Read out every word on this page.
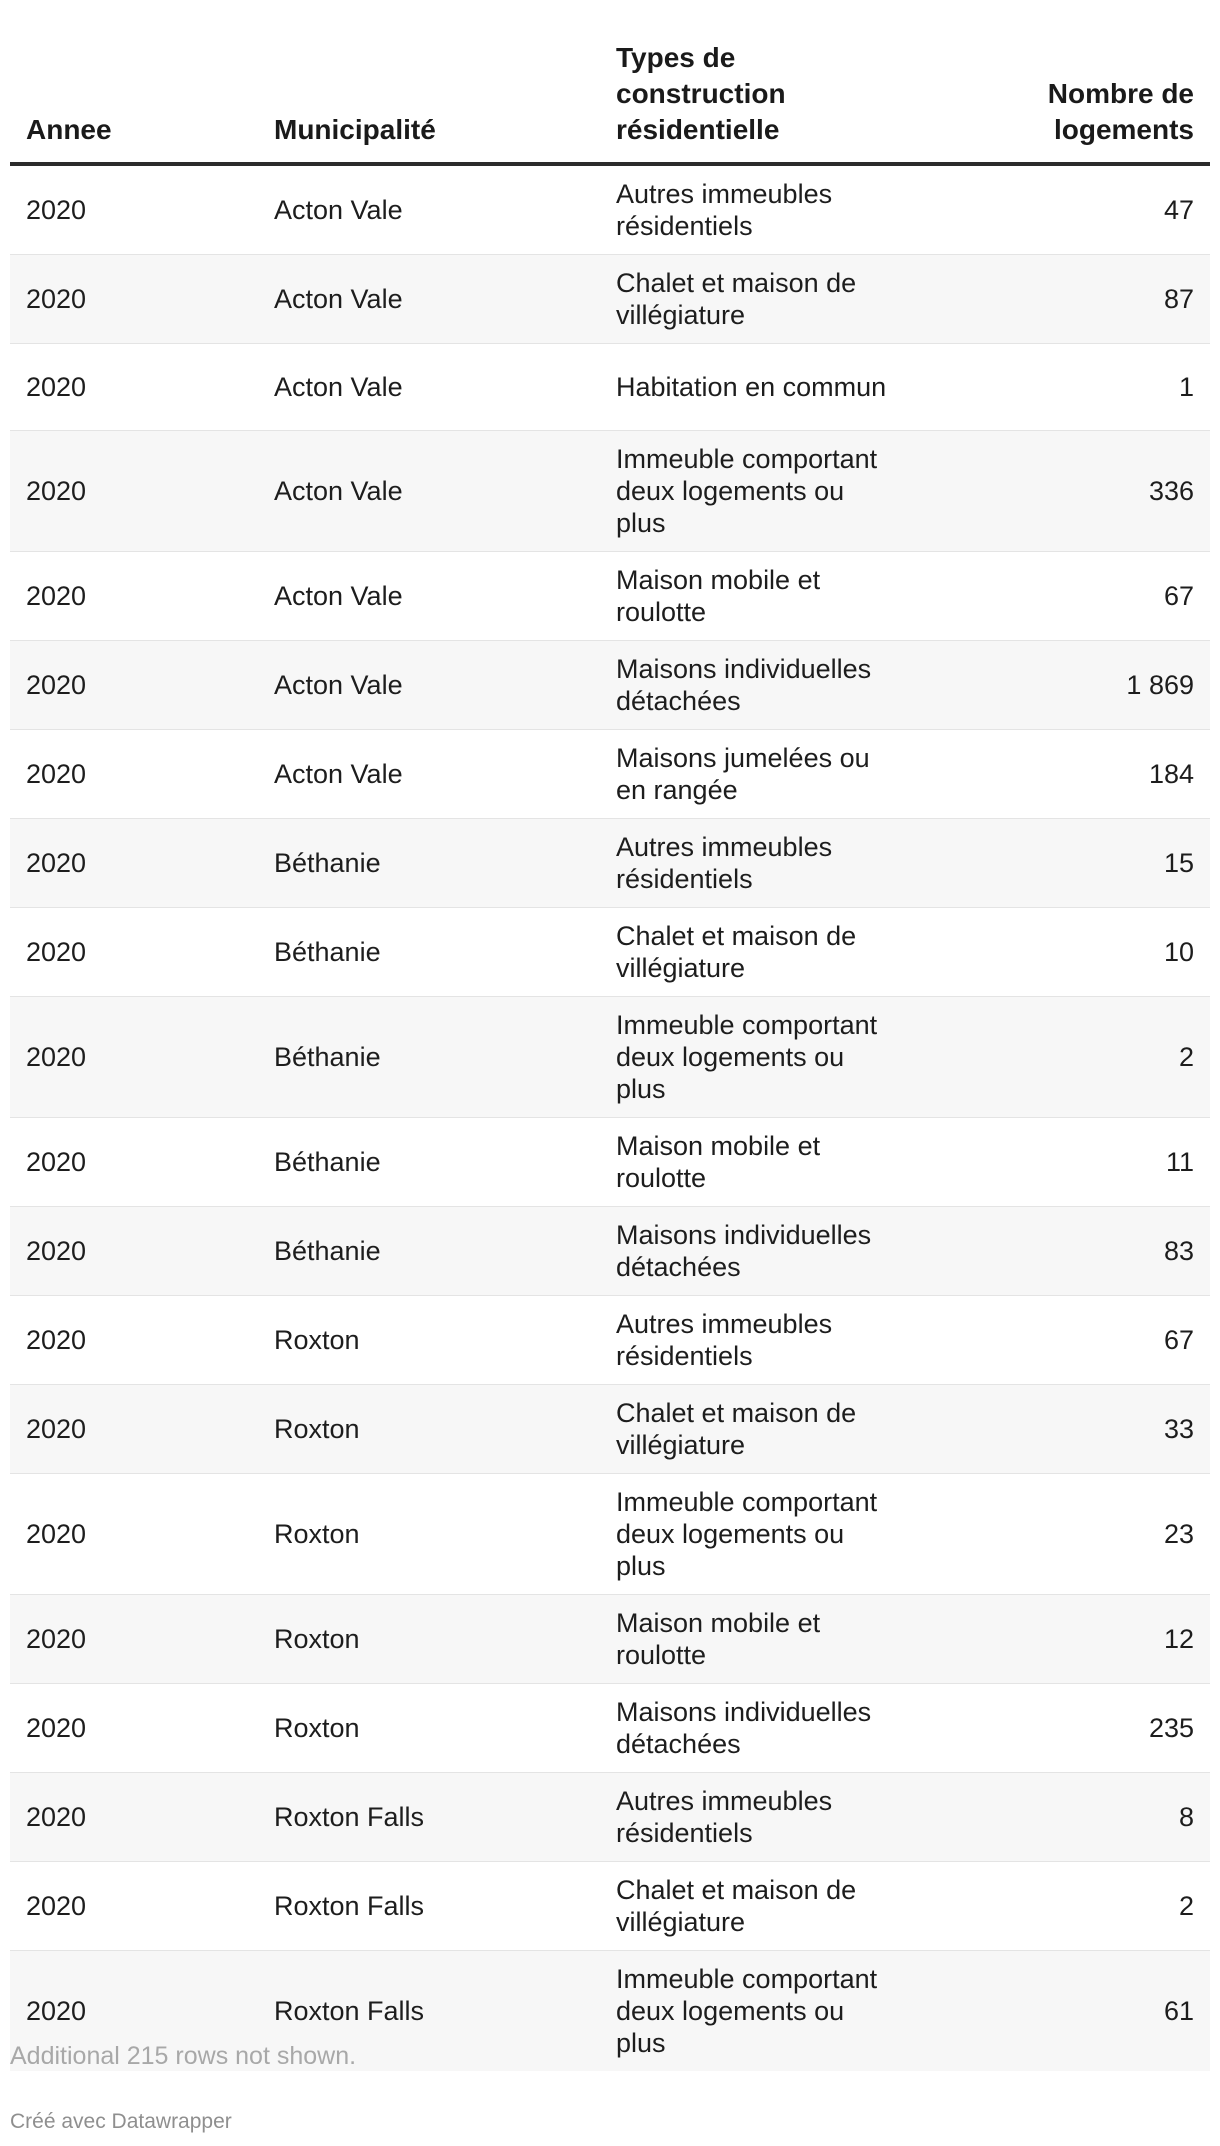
Annee	Municipalité	Types de construction résidentielle	Nombre de logements
2020	Acton Vale	Autres immeubles résidentiels	47
2020	Acton Vale	Chalet et maison de villégiature	87
2020	Acton Vale	Habitation en commun	1
2020	Acton Vale	Immeuble comportant deux logements ou plus	336
2020	Acton Vale	Maison mobile et roulotte	67
2020	Acton Vale	Maisons individuelles détachées	1 869
2020	Acton Vale	Maisons jumelées ou en rangée	184
2020	Béthanie	Autres immeubles résidentiels	15
2020	Béthanie	Chalet et maison de villégiature	10
2020	Béthanie	Immeuble comportant deux logements ou plus	2
2020	Béthanie	Maison mobile et roulotte	11
2020	Béthanie	Maisons individuelles détachées	83
2020	Roxton	Autres immeubles résidentiels	67
2020	Roxton	Chalet et maison de villégiature	33
2020	Roxton	Immeuble comportant deux logements ou plus	23
2020	Roxton	Maison mobile et roulotte	12
2020	Roxton	Maisons individuelles détachées	235
2020	Roxton Falls	Autres immeubles résidentiels	8
2020	Roxton Falls	Chalet et maison de villégiature	2
2020	Roxton Falls	Immeuble comportant deux logements ou plus	61
Additional 215 rows not shown.
Créé avec Datawrapper
